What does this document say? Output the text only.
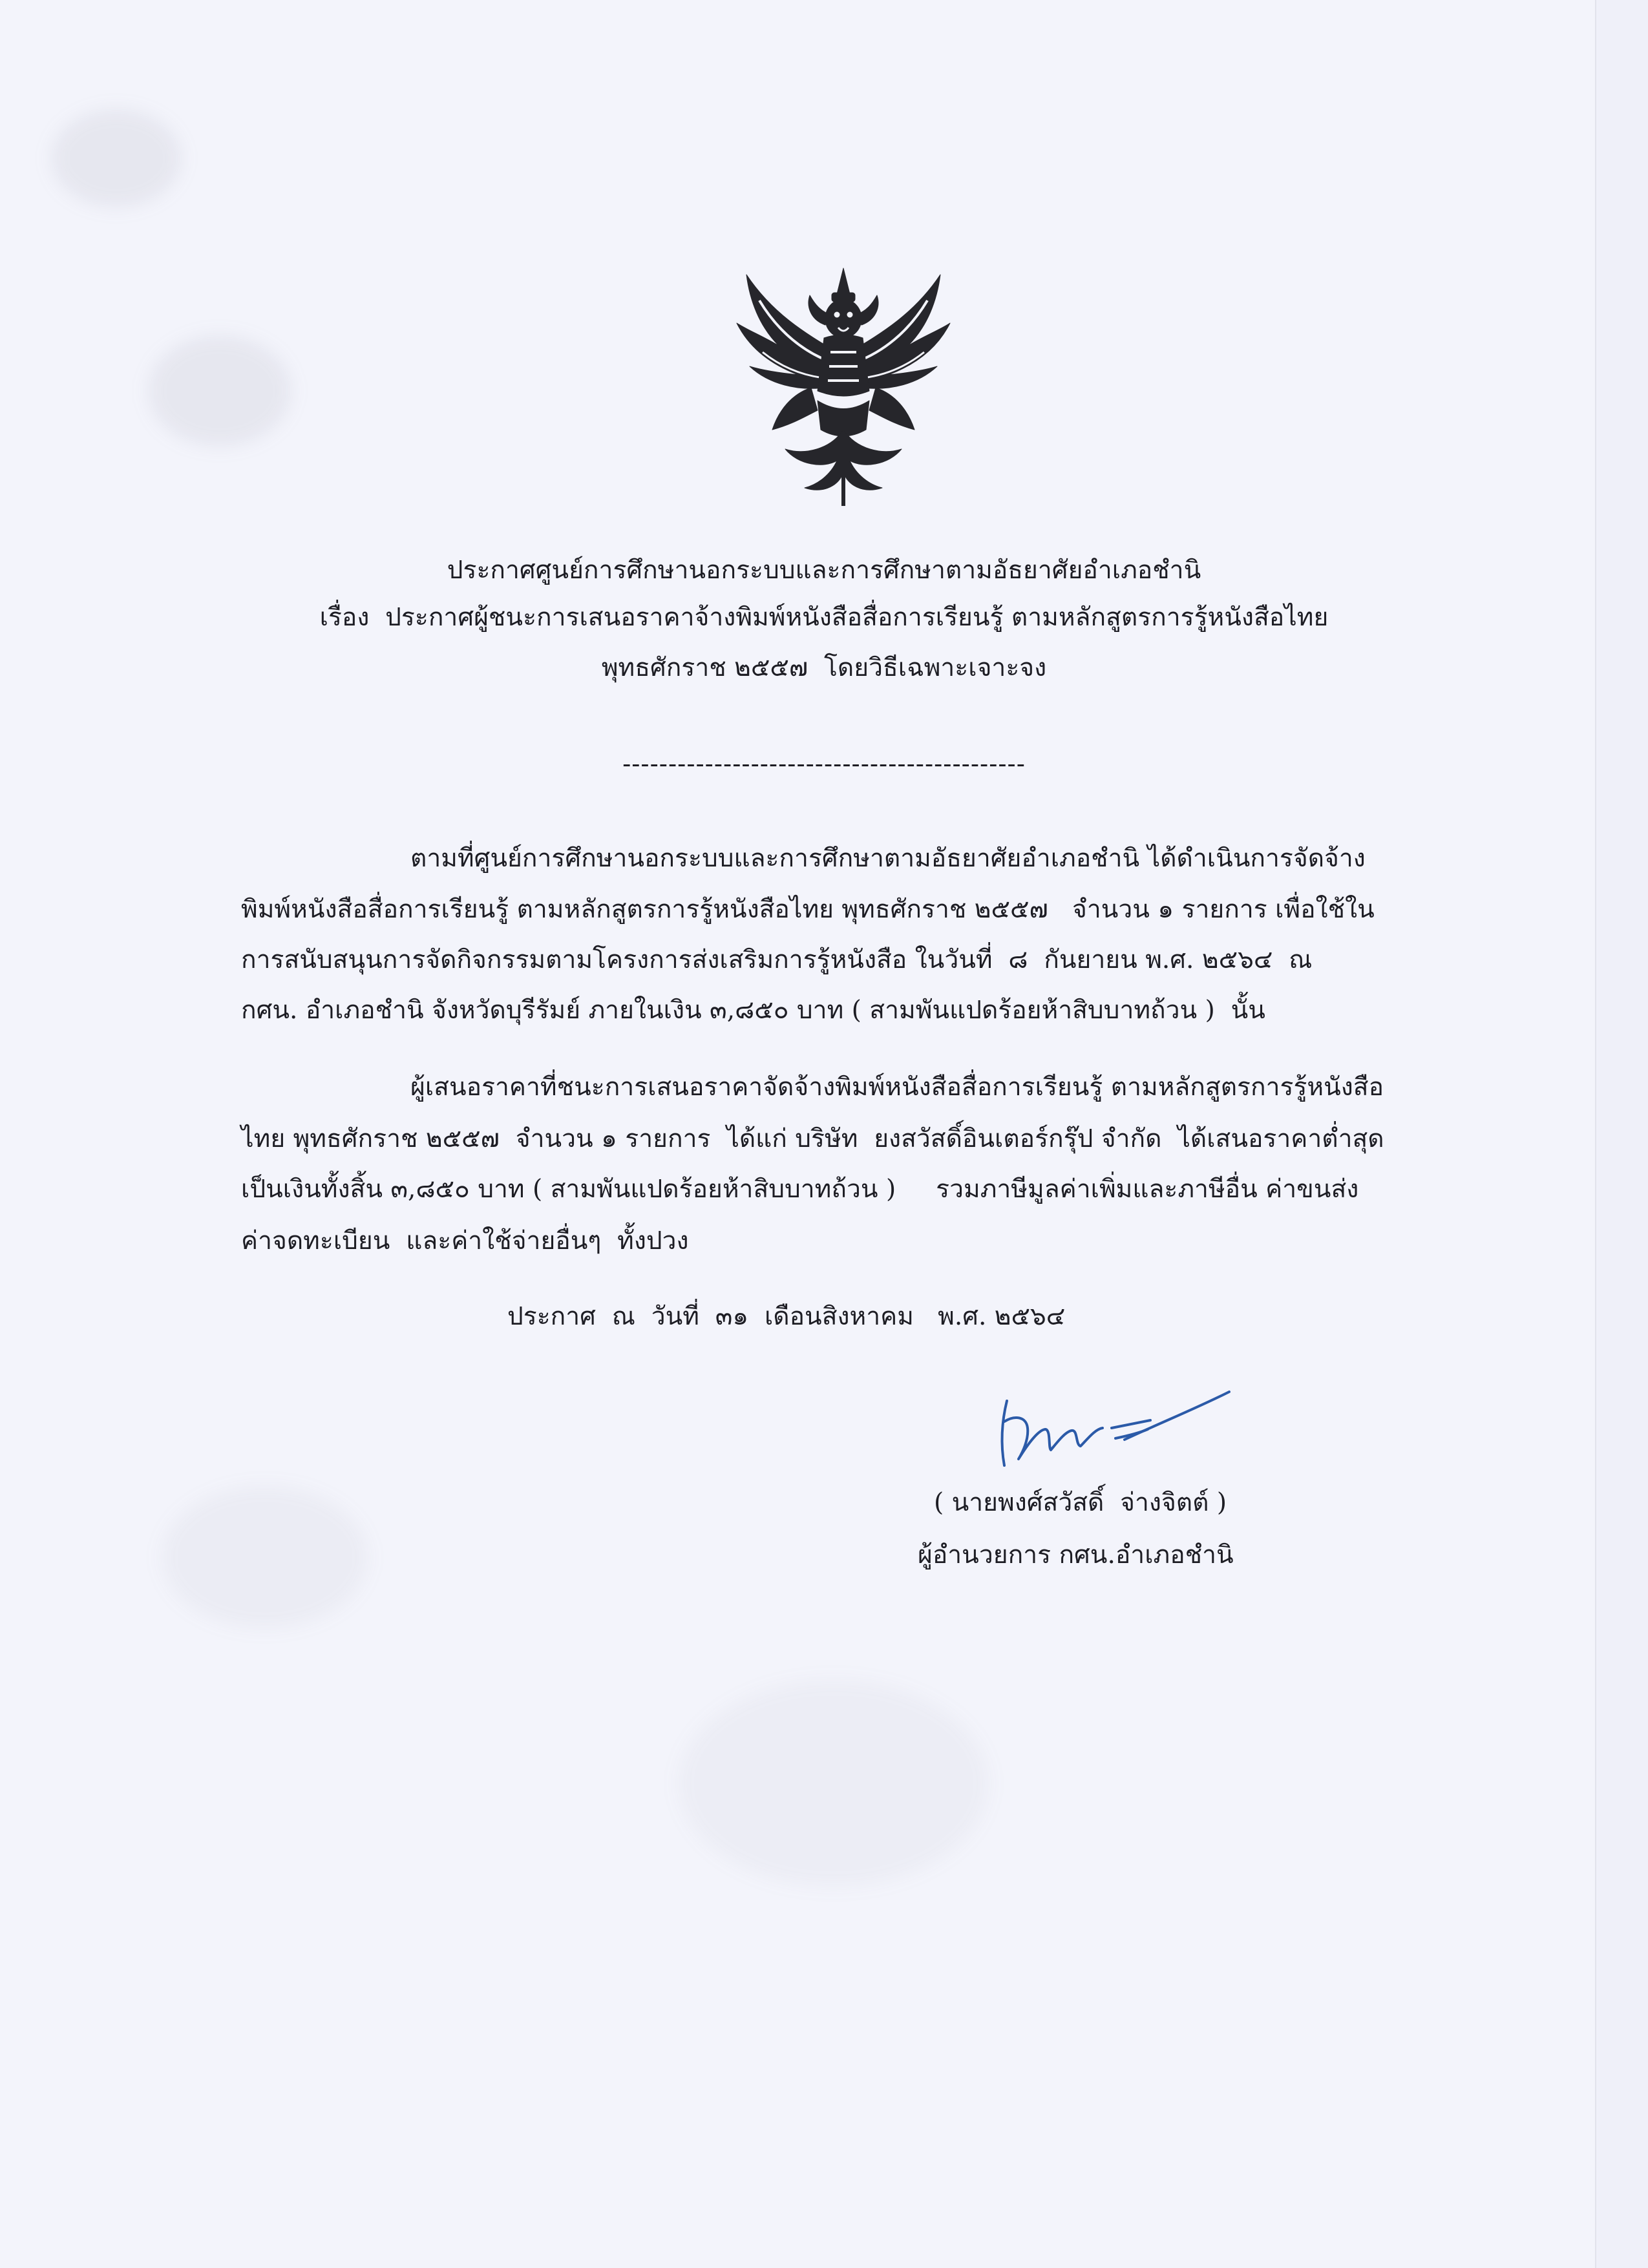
ประกาศศูนย์การศึกษานอกระบบและการศึกษาตามอัธยาศัยอำเภอชำนิ
เรื่อง  ประกาศผู้ชนะการเสนอราคาจ้างพิมพ์หนังสือสื่อการเรียนรู้ ตามหลักสูตรการรู้หนังสือไทย
พุทธศักราช ๒๕๕๗  โดยวิธีเฉพาะเจาะจง
--------------------------------------------
ตามที่ศูนย์การศึกษานอกระบบและการศึกษาตามอัธยาศัยอำเภอชำนิ ได้ดำเนินการจัดจ้าง
พิมพ์หนังสือสื่อการเรียนรู้ ตามหลักสูตรการรู้หนังสือไทย พุทธศักราช ๒๕๕๗   จำนวน ๑ รายการ เพื่อใช้ใน
การสนับสนุนการจัดกิจกรรมตามโครงการส่งเสริมการรู้หนังสือ ในวันที่  ๘  กันยายน พ.ศ. ๒๕๖๔  ณ
กศน. อำเภอชำนิ จังหวัดบุรีรัมย์ ภายในเงิน ๓,๘๕๐ บาท ( สามพันแปดร้อยห้าสิบบาทถ้วน )  นั้น
ผู้เสนอราคาที่ชนะการเสนอราคาจัดจ้างพิมพ์หนังสือสื่อการเรียนรู้ ตามหลักสูตรการรู้หนังสือ
ไทย พุทธศักราช ๒๕๕๗  จำนวน ๑ รายการ  ได้แก่ บริษัท  ยงสวัสดิ์อินเตอร์กรุ๊ป จำกัด  ได้เสนอราคาต่ำสุด
เป็นเงินทั้งสิ้น ๓,๘๕๐ บาท ( สามพันแปดร้อยห้าสิบบาทถ้วน )     รวมภาษีมูลค่าเพิ่มและภาษีอื่น ค่าขนส่ง
ค่าจดทะเบียน  และค่าใช้จ่ายอื่นๆ  ทั้งปวง
ประกาศ  ณ  วันที่  ๓๑  เดือนสิงหาคม   พ.ศ. ๒๕๖๔
( นายพงศ์สวัสดิ์  จ่างจิตต์ )
ผู้อำนวยการ กศน.อำเภอชำนิ
